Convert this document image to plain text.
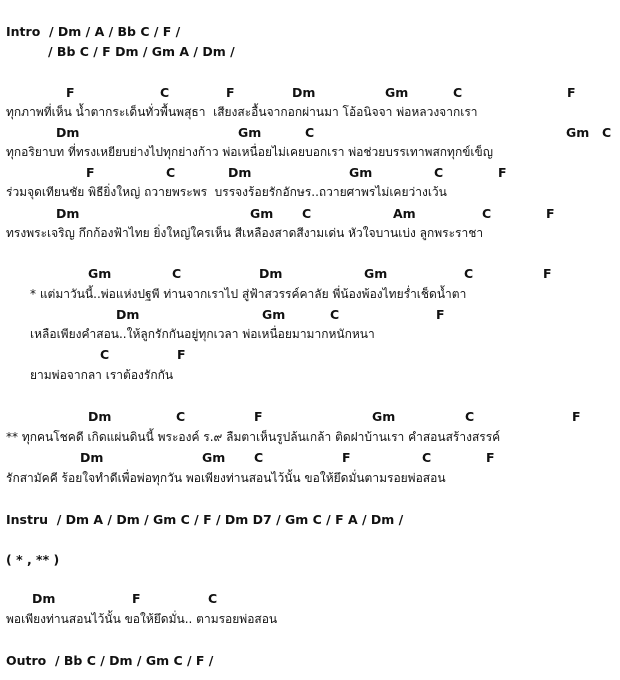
Intro  / Dm / A / Bb C / F /
/ Bb C / F Dm / Gm A / Dm /
F	C	F	Dm	Gm	C	F
ทุกภาพที่เห็น น้ำตากระเด็นทั่วพื้นพสุธา  เสียงสะอื้นจากอกผ่านมา โอ้อนิจจา พ่อหลวงจากเรา
Dm	Gm	C	Gm C
ทุกอริยาบท ที่ทรงเหยียบย่างไปทุกย่างก้าว พ่อเหนื่อยไม่เคยบอกเรา พ่อช่วยบรรเทาพสกทุกข์เข็ญ
F	C	Dm	Gm	C	F
ร่วมจุดเทียนชัย พิธียิ่งใหญ่ ถวายพระพร  บรรจงร้อยรักอักษร..ถวายศาพรไม่เคยว่างเว้น
Dm	Gm C	Am	C	F
ทรงพระเจริญ กึกก้องฟ้าไทย ยิ่งใหญ่ใครเห็น สีเหลืองสาดสีงามเด่น หัวใจบานเบ่ง ลูกพระราชา
Gm	C	Dm	Gm	C	F
* แต่มาวันนี้..พ่อแห่งปฐพี ท่านจากเราไป สู่ฟ้าสวรรค์คาลัย พี่น้องพ้องไทยร่ำเช็ดน้ำตา
Dm	Gm	C	F
เหลือเพียงคำสอน..ให้ลูกรักกันอยู่ทุกเวลา พ่อเหนื่อยมามากหนักหนา
C	F
ยามพ่อจากลา เราต้องรักกัน
Dm	C	F	Gm	C	F
** ทุกคนโชคดี เกิดแผ่นดินนี้ พระองค์ ร.๙ ลืมตาเห็นรูปล้นเกล้า ติดฝาบ้านเรา คำสอนสร้างสรรค์
Dm	Gm C	F	C	F
รักสามัคคี ร้อยใจทำดีเพื่อพ่อทุกวัน พอเพียงท่านสอนไว้นั้น ขอให้ยึดมั่นตามรอยพ่อสอน
Instru  / Dm A / Dm / Gm C / F / Dm D7 / Gm C / F A / Dm /
( * , ** )
Dm	F	C
พอเพียงท่านสอนไว้นั้น ขอให้ยึดมั่น.. ตามรอยพ่อสอน
Outro  / Bb C / Dm / Gm C / F /
